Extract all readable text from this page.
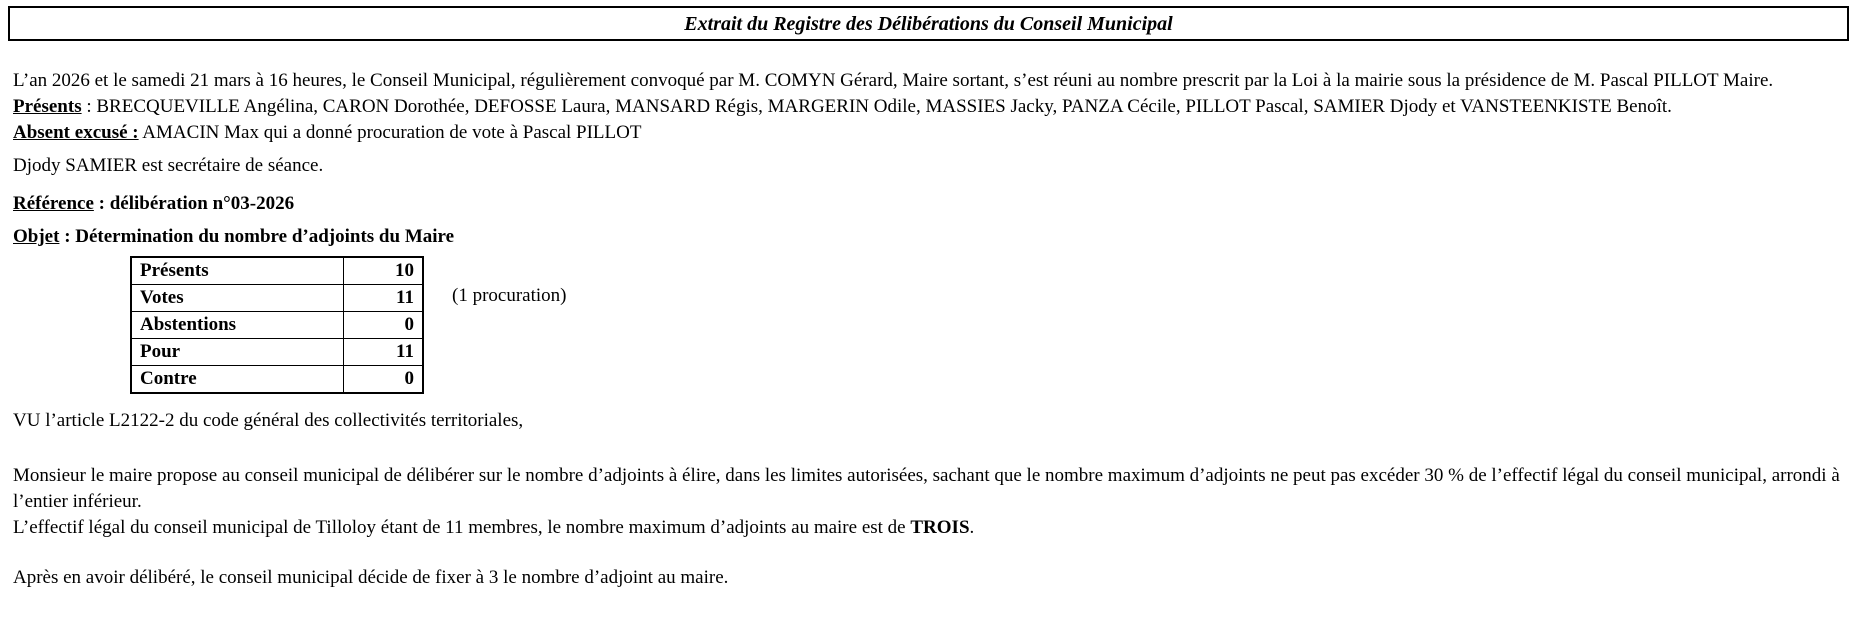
Extrait du Registre des Délibérations du Conseil Municipal
L’an 2026 et le samedi 21 mars à 16 heures, le Conseil Municipal, régulièrement convoqué par M. COMYN Gérard, Maire sortant, s’est réuni au nombre prescrit par la Loi à la mairie sous la présidence de M. Pascal PILLOT Maire.
Présents : BRECQUEVILLE Angélina, CARON Dorothée, DEFOSSE Laura, MANSARD Régis, MARGERIN Odile, MASSIES Jacky, PANZA Cécile, PILLOT Pascal, SAMIER Djody et VANSTEENKISTE Benoît.
Absent excusé : AMACIN Max qui a donné procuration de vote à Pascal PILLOT
Djody SAMIER est secrétaire de séance.
Référence : délibération n°03-2026
Objet : Détermination du nombre d’adjoints du Maire
Présents	10
Votes	11
Abstentions	0
Pour	11
Contre	0
(1 procuration)
VU l’article L2122-2 du code général des collectivités territoriales,
Monsieur le maire propose au conseil municipal de délibérer sur le nombre d’adjoints à élire, dans les limites autorisées, sachant que le nombre maximum d’adjoints ne peut pas excéder 30 % de l’effectif légal du conseil municipal, arrondi à l’entier inférieur.
L’effectif légal du conseil municipal de Tilloloy étant de 11 membres, le nombre maximum d’adjoints au maire est de TROIS.
Après en avoir délibéré, le conseil municipal décide de fixer à 3 le nombre d’adjoint au maire.
